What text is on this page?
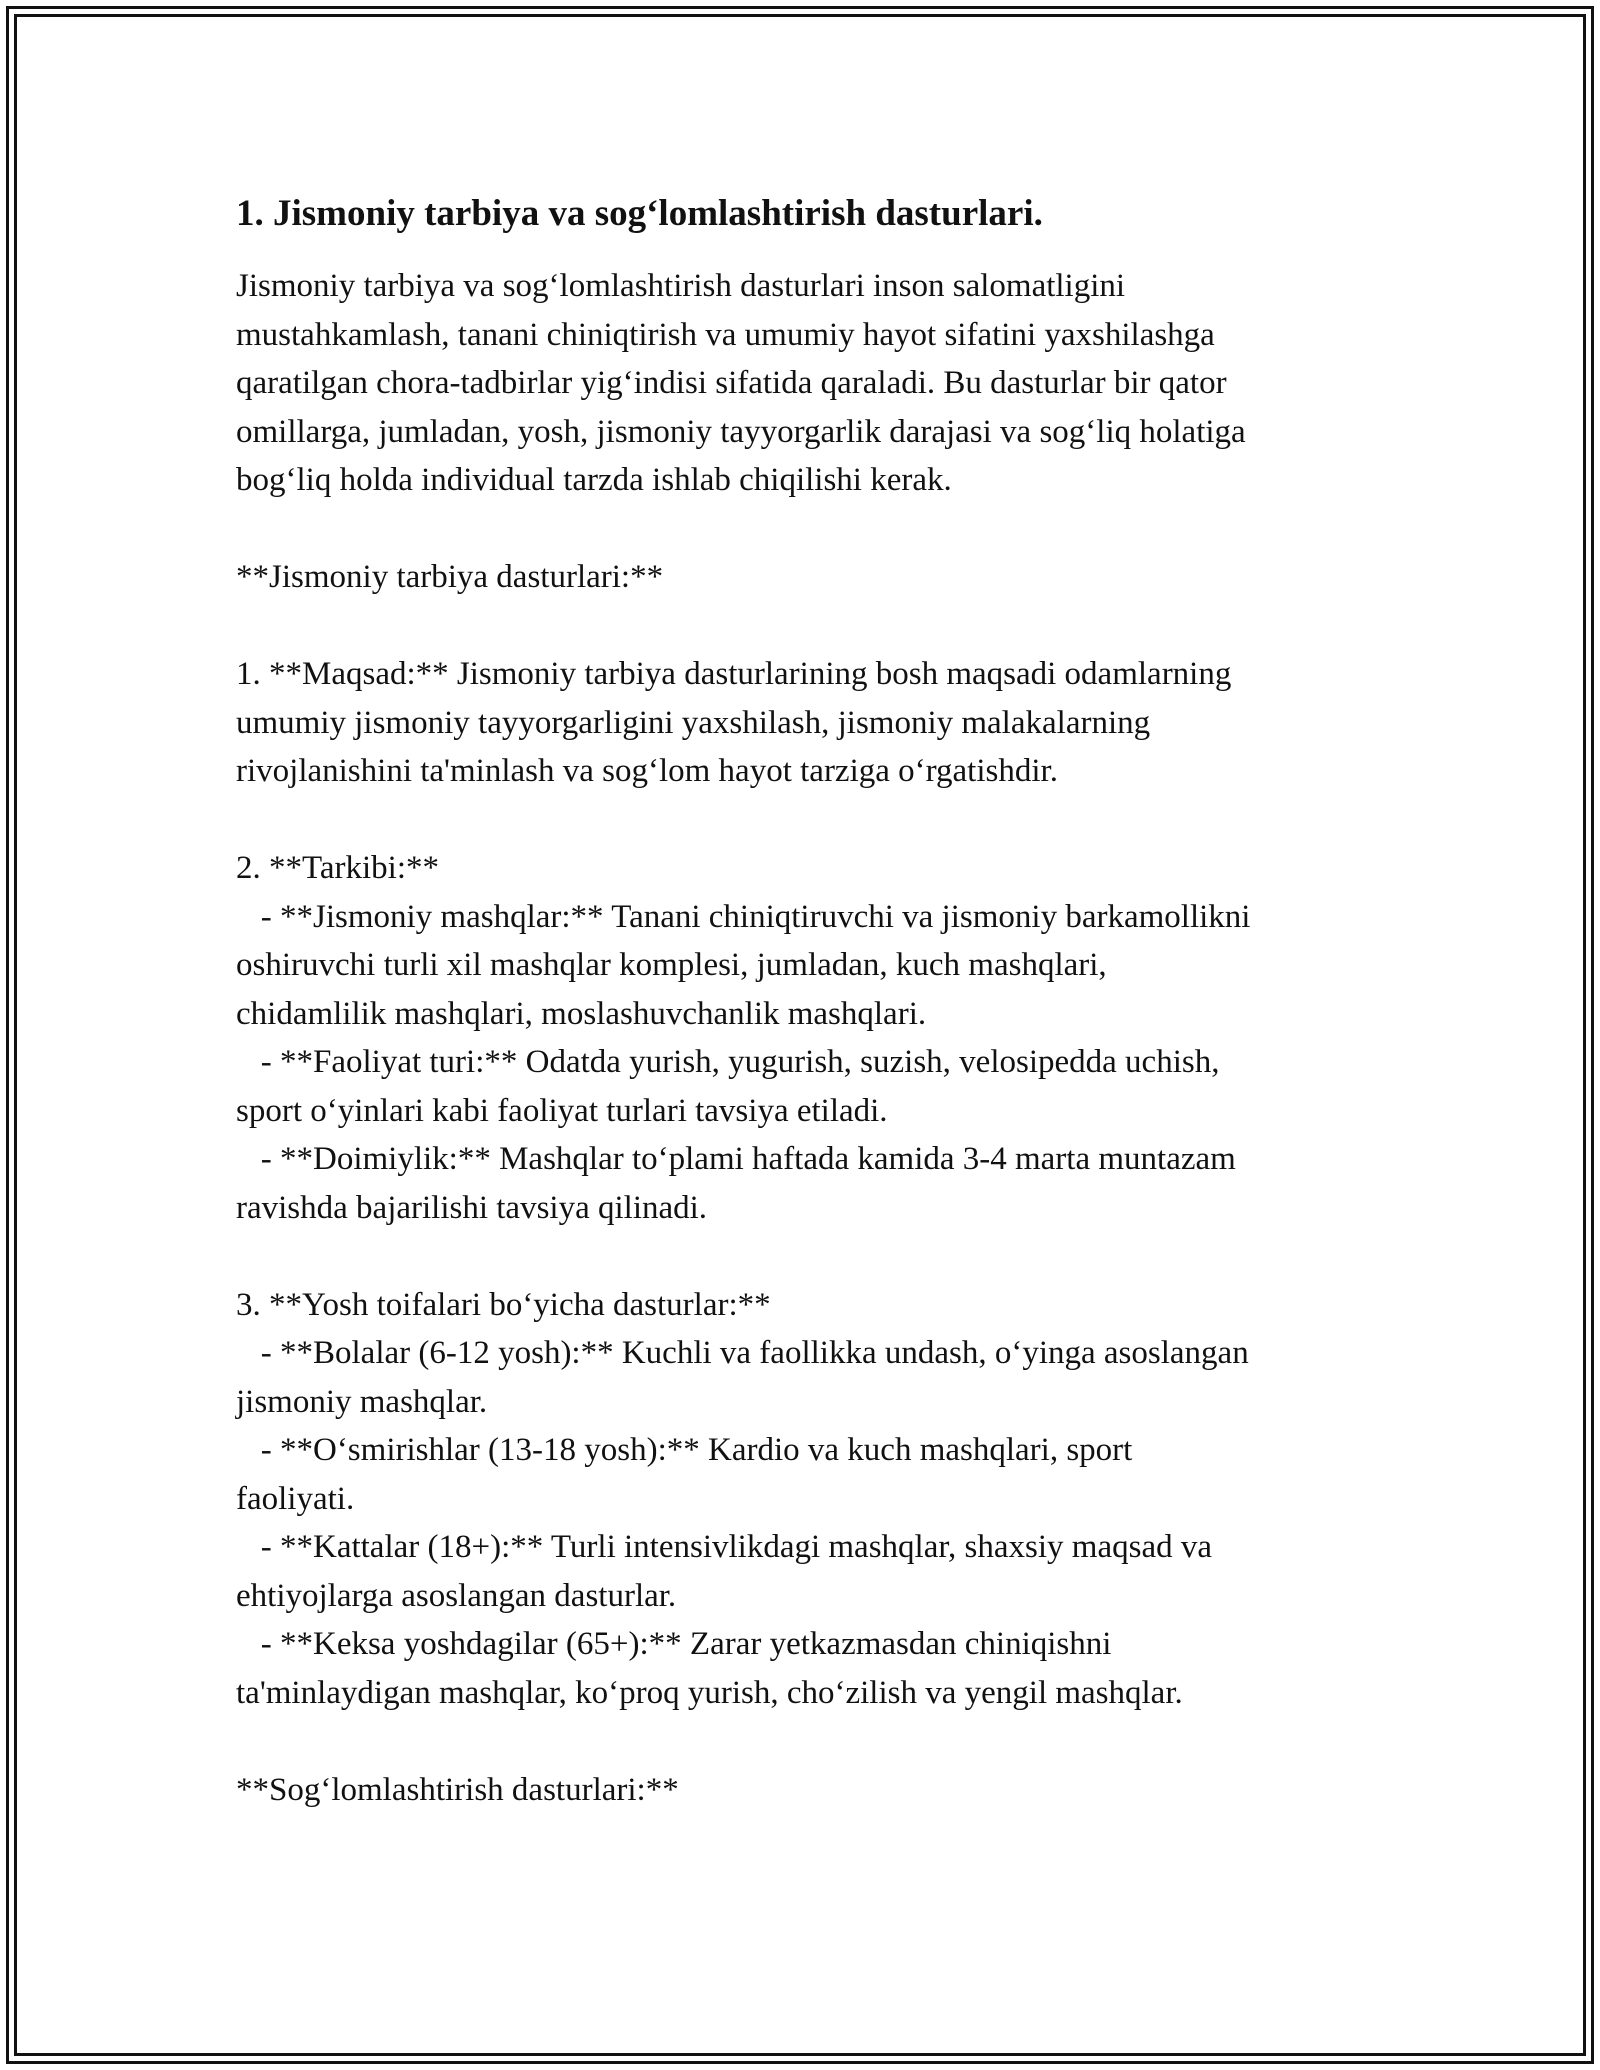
1. Jismoniy tarbiya va sog‘lomlashtirish dasturlari.
Jismoniy tarbiya va sog‘lomlashtirish dasturlari inson salomatligini
mustahkamlash, tanani chiniqtirish va umumiy hayot sifatini yaxshilashga
qaratilgan chora-tadbirlar yig‘indisi sifatida qaraladi. Bu dasturlar bir qator
omillarga, jumladan, yosh, jismoniy tayyorgarlik darajasi va sog‘liq holatiga
bog‘liq holda individual tarzda ishlab chiqilishi kerak.
**Jismoniy tarbiya dasturlari:**
1. **Maqsad:** Jismoniy tarbiya dasturlarining bosh maqsadi odamlarning
umumiy jismoniy tayyorgarligini yaxshilash, jismoniy malakalarning
rivojlanishini ta'minlash va sog‘lom hayot tarziga o‘rgatishdir.
2. **Tarkibi:**
- **Jismoniy mashqlar:** Tanani chiniqtiruvchi va jismoniy barkamollikni
oshiruvchi turli xil mashqlar komplesi, jumladan, kuch mashqlari,
chidamlilik mashqlari, moslashuvchanlik mashqlari.
- **Faoliyat turi:** Odatda yurish, yugurish, suzish, velosipedda uchish,
sport o‘yinlari kabi faoliyat turlari tavsiya etiladi.
- **Doimiylik:** Mashqlar to‘plami haftada kamida 3-4 marta muntazam
ravishda bajarilishi tavsiya qilinadi.
3. **Yosh toifalari bo‘yicha dasturlar:**
- **Bolalar (6-12 yosh):** Kuchli va faollikka undash, o‘yinga asoslangan
jismoniy mashqlar.
- **O‘smirishlar (13-18 yosh):** Kardio va kuch mashqlari, sport
faoliyati.
- **Kattalar (18+):** Turli intensivlikdagi mashqlar, shaxsiy maqsad va
ehtiyojlarga asoslangan dasturlar.
- **Keksa yoshdagilar (65+):** Zarar yetkazmasdan chiniqishni
ta'minlaydigan mashqlar, ko‘proq yurish, cho‘zilish va yengil mashqlar.
**Sog‘lomlashtirish dasturlari:**
